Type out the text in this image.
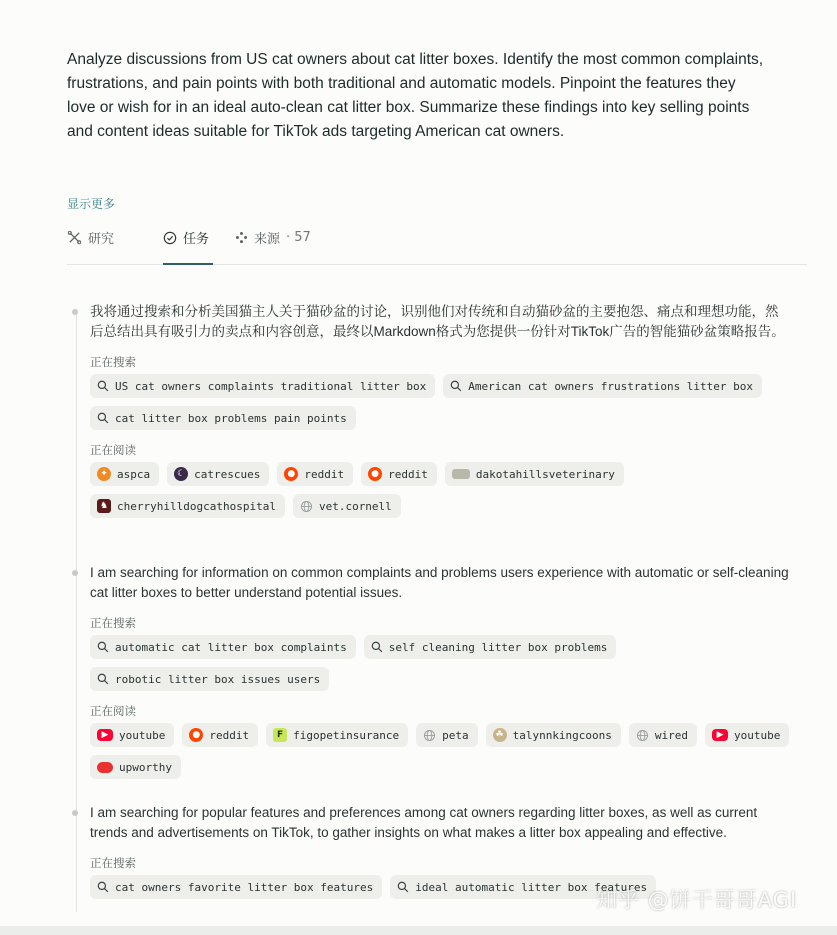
Analyze discussions from US cat owners about cat litter boxes. Identify the most common complaints, frustrations, and pain points with both traditional and automatic models. Pinpoint the features they love or wish for in an ideal auto-clean cat litter box. Summarize these findings into key selling points and content ideas suitable for TikTok ads targeting American cat owners.
显示更多
研究	任务	来源 · 57
我将通过搜索和分析美国猫主人关于猫砂盆的讨论，识别他们对传统和自动猫砂盆的主要抱怨、痛点和理想功能，然后总结出具有吸引力的卖点和内容创意，最终以Markdown格式为您提供一份针对TikTok广告的智能猫砂盆策略报告。
正在搜索
US cat owners complaints traditional litter box	American cat owners frustrations litter box
cat litter box problems pain points
正在阅读
✦ aspca	☾ catrescues	● reddit	● reddit	dakotahillsveterinary
♞ cherryhilldogcathospital	vet.cornell
I am searching for information on common complaints and problems users experience with automatic or self-cleaning cat litter boxes to better understand potential issues.
正在搜索
automatic cat litter box complaints	self cleaning litter box problems
robotic litter box issues users
正在阅读
▶ youtube	● reddit	F figopetinsurance	peta	☘ talynnkingcoons	wired	▶ youtube
upworthy
I am searching for popular features and preferences among cat owners regarding litter boxes, as well as current trends and advertisements on TikTok, to gather insights on what makes a litter box appealing and effective.
正在搜索
cat owners favorite litter box features	ideal automatic litter box features
知乎 @饼干哥哥AGI
